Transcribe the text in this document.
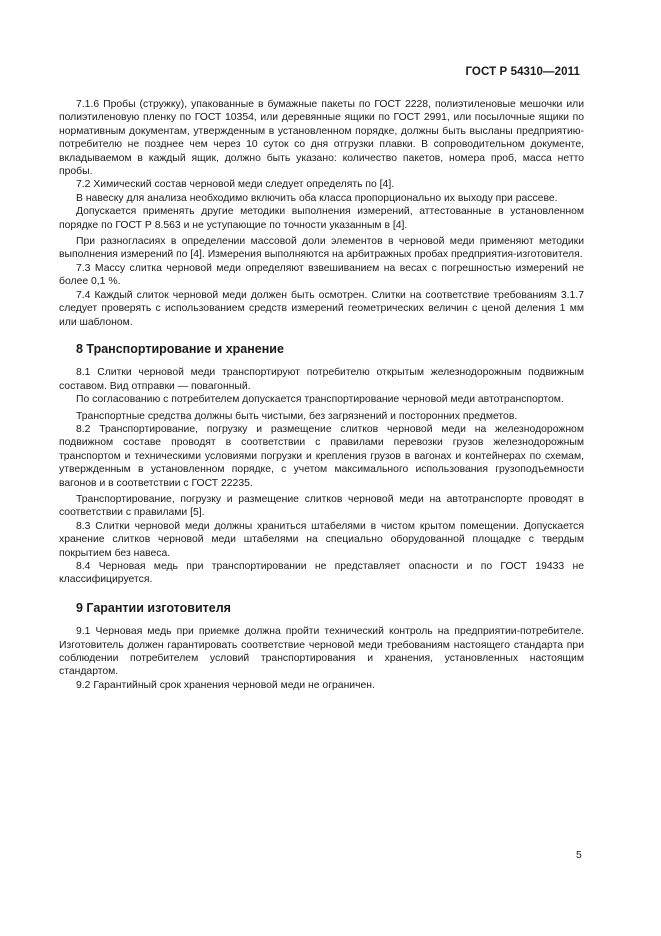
ГОСТ Р 54310—2011

7.1.6 Пробы (стружку), упакованные в бумажные пакеты по ГОСТ 2228, полиэтиленовые мешочки или полиэтиленовую пленку по ГОСТ 10354, или деревянные ящики по ГОСТ 2991, или посылочные ящики по нормативным документам, утвержденным в установленном порядке, должны быть высланы предприятию-потребителю не позднее чем через 10 суток со дня отгрузки плавки. В сопроводительном документе, вкладываемом в каждый ящик, должно быть указано: количество пакетов, номера проб, масса нетто пробы.

7.2 Химический состав черновой меди следует определять по [4].

В навеску для анализа необходимо включить оба класса пропорционально их выходу при рассеве.

Допускается применять другие методики выполнения измерений, аттестованные в установленном порядке по ГОСТ Р 8.563 и не уступающие по точности указанным в [4].

При разногласиях в определении массовой доли элементов в черновой меди применяют методики выполнения измерений по [4]. Измерения выполняются на арбитражных пробах предприятия-изготовителя.

7.3 Массу слитка черновой меди определяют взвешиванием на весах с погрешностью измерений не более 0,1 %.

7.4 Каждый слиток черновой меди должен быть осмотрен. Слитки на соответствие требованиям 3.1.7 следует проверять с использованием средств измерений геометрических величин с ценой деления 1 мм или шаблоном.

8 Транспортирование и хранение

8.1 Слитки черновой меди транспортируют потребителю открытым железнодорожным подвижным составом. Вид отправки — повагонный.

По согласованию с потребителем допускается транспортирование черновой меди автотранспортом.

Транспортные средства должны быть чистыми, без загрязнений и посторонних предметов.

8.2 Транспортирование, погрузку и размещение слитков черновой меди на железнодорожном подвижном составе проводят в соответствии с правилами перевозки грузов железнодорожным транспортом и техническими условиями погрузки и крепления грузов в вагонах и контейнерах по схемам, утвержденным в установленном порядке, с учетом максимального использования грузоподъемности вагонов и в соответствии с ГОСТ 22235.

Транспортирование, погрузку и размещение слитков черновой меди на автотранспорте проводят в соответствии с правилами [5].

8.3 Слитки черновой меди должны храниться штабелями в чистом крытом помещении. Допускается хранение слитков черновой меди штабелями на специально оборудованной площадке с твердым покрытием без навеса.

8.4 Черновая медь при транспортировании не представляет опасности и по ГОСТ 19433 не классифицируется.

9 Гарантии изготовителя

9.1 Черновая медь при приемке должна пройти технический контроль на предприятии-потребителе. Изготовитель должен гарантировать соответствие черновой меди требованиям настоящего стандарта при соблюдении потребителем условий транспортирования и хранения, установленных настоящим стандартом.

9.2 Гарантийный срок хранения черновой меди не ограничен.

5
